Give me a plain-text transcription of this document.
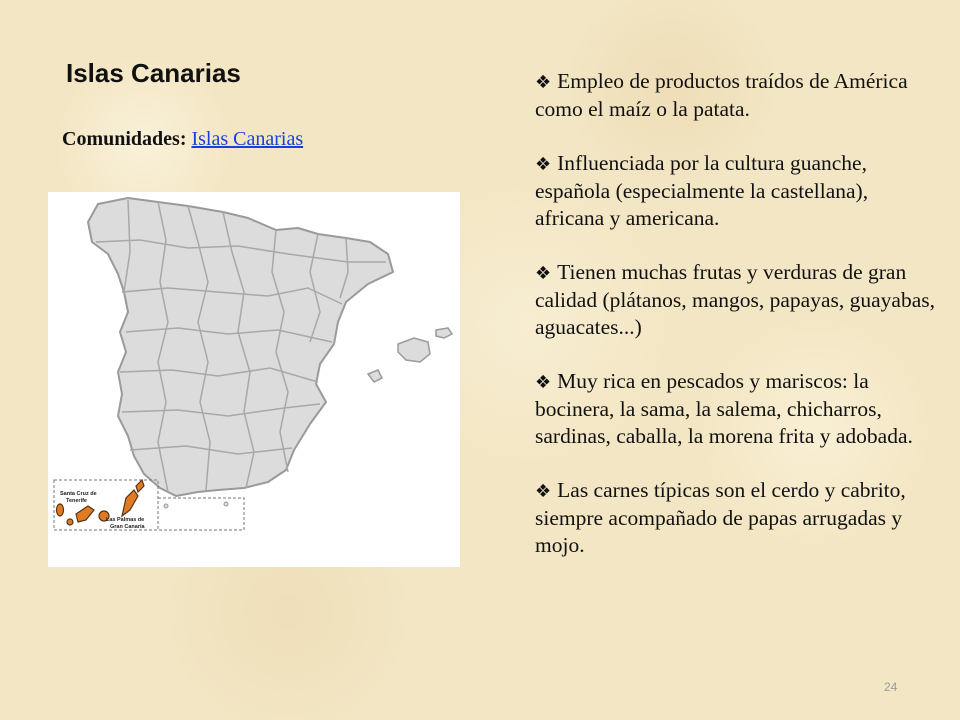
Islas Canarias
Comunidades: Islas Canarias
Santa Cruz de
Tenerife
Las Palmas de
Gran Canaria
❖ Empleo de productos traídos de América como el maíz o la patata.
❖ Influenciada por la cultura guanche, española (especialmente la castellana), africana y americana.
❖ Tienen muchas frutas y verduras de gran calidad (plátanos, mangos, papayas, guayabas, aguacates...)
❖ Muy rica en pescados y mariscos: la bocinera, la sama, la salema, chicharros, sardinas, caballa, la morena frita y adobada.
❖ Las carnes típicas son el cerdo y cabrito, siempre acompañado de papas arrugadas y mojo.
24
